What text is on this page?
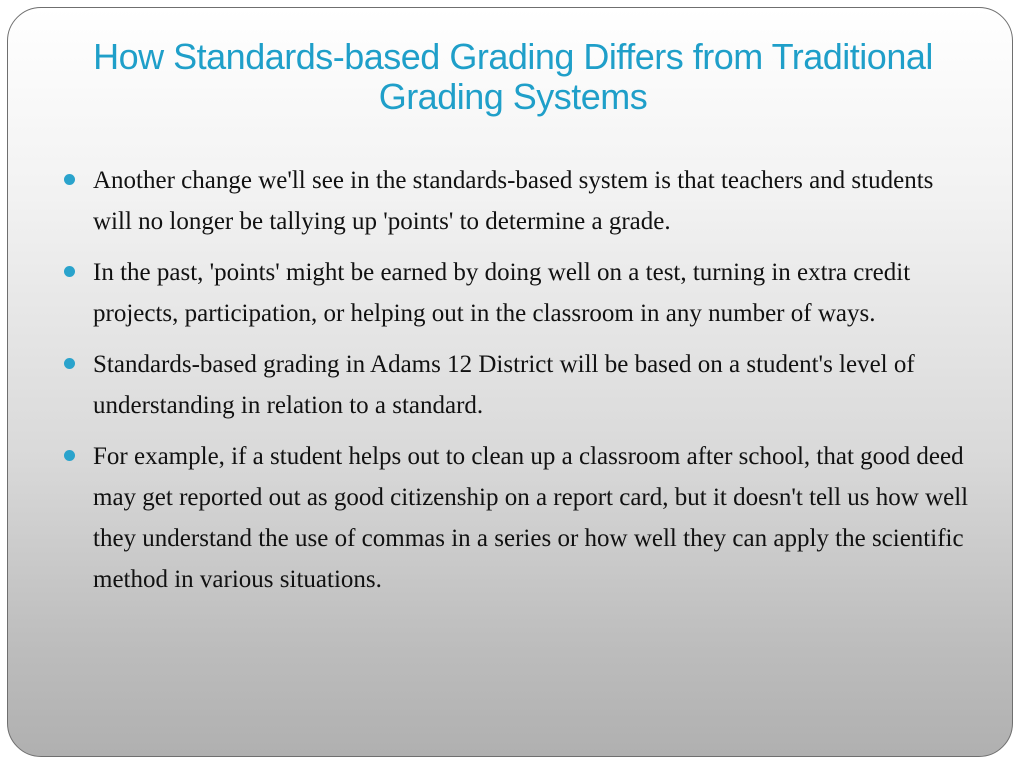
How Standards-based Grading Differs from Traditional Grading Systems
Another change we'll see in the standards-based system is that teachers and students will no longer be tallying up 'points' to determine a grade.
In the past, 'points' might be earned by doing well on a test, turning in extra credit projects, participation, or helping out in the classroom in any number of ways.
Standards-based grading in Adams 12 District will be based on a student's level of understanding in relation to a standard.
For example, if a student helps out to clean up a classroom after school, that good deed may get reported out as good citizenship on a report card, but it doesn't tell us how well they understand the use of commas in a series or how well they can apply the scientific method in various situations.
